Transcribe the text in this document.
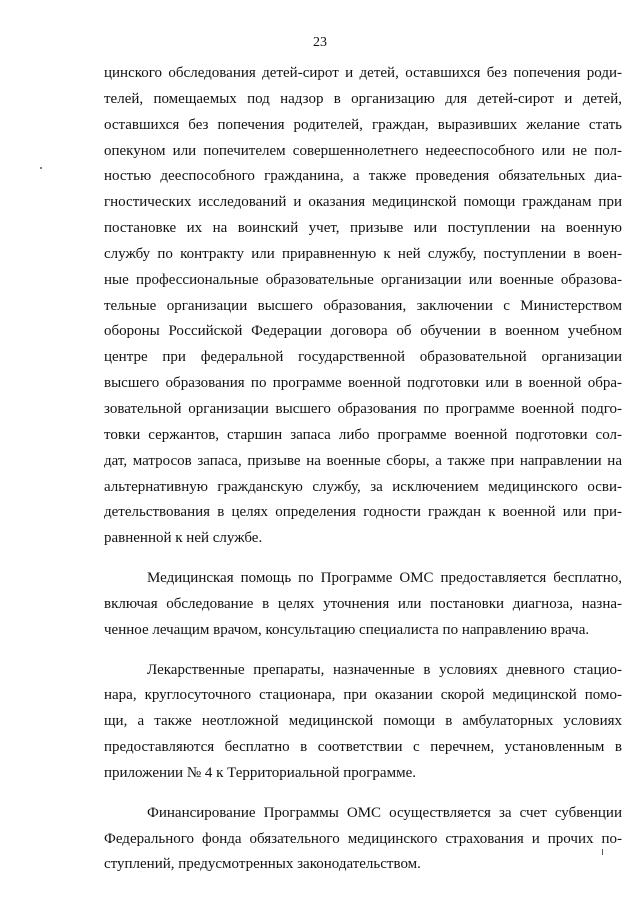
23
цинского обследования детей-сирот и детей, оставшихся без попечения роди-
телей, помещаемых под надзор в организацию для детей-сирот и детей,
оставшихся без попечения родителей, граждан, выразивших желание стать
опекуном или попечителем совершеннолетнего недееспособного или не пол-
ностью дееспособного гражданина, а также проведения обязательных диа-
гностических исследований и оказания медицинской помощи гражданам при
постановке их на воинский учет, призыве или поступлении на военную
службу по контракту или приравненную к ней службу, поступлении в воен-
ные профессиональные образовательные организации или военные образова-
тельные организации высшего образования, заключении с Министерством
обороны Российской Федерации договора об обучении в военном учебном
центре при федеральной государственной образовательной организации
высшего образования по программе военной подготовки или в военной обра-
зовательной организации высшего образования по программе военной подго-
товки сержантов, старшин запаса либо программе военной подготовки сол-
дат, матросов запаса, призыве на военные сборы, а также при направлении на
альтернативную гражданскую службу, за исключением медицинского осви-
детельствования в целях определения годности граждан к военной или при-
равненной к ней службе.
Медицинская помощь по Программе ОМС предоставляется бесплатно,
включая обследование в целях уточнения или постановки диагноза, назна-
ченное лечащим врачом, консультацию специалиста по направлению врача.
Лекарственные препараты, назначенные в условиях дневного стацио-
нара, круглосуточного стационара, при оказании скорой медицинской помо-
щи, а также неотложной медицинской помощи в амбулаторных условиях
предоставляются бесплатно в соответствии с перечнем, установленным в
приложении № 4 к Территориальной программе.
Финансирование Программы ОМС осуществляется за счет субвенции
Федерального фонда обязательного медицинского страхования и прочих по-
ступлений, предусмотренных законодательством.
